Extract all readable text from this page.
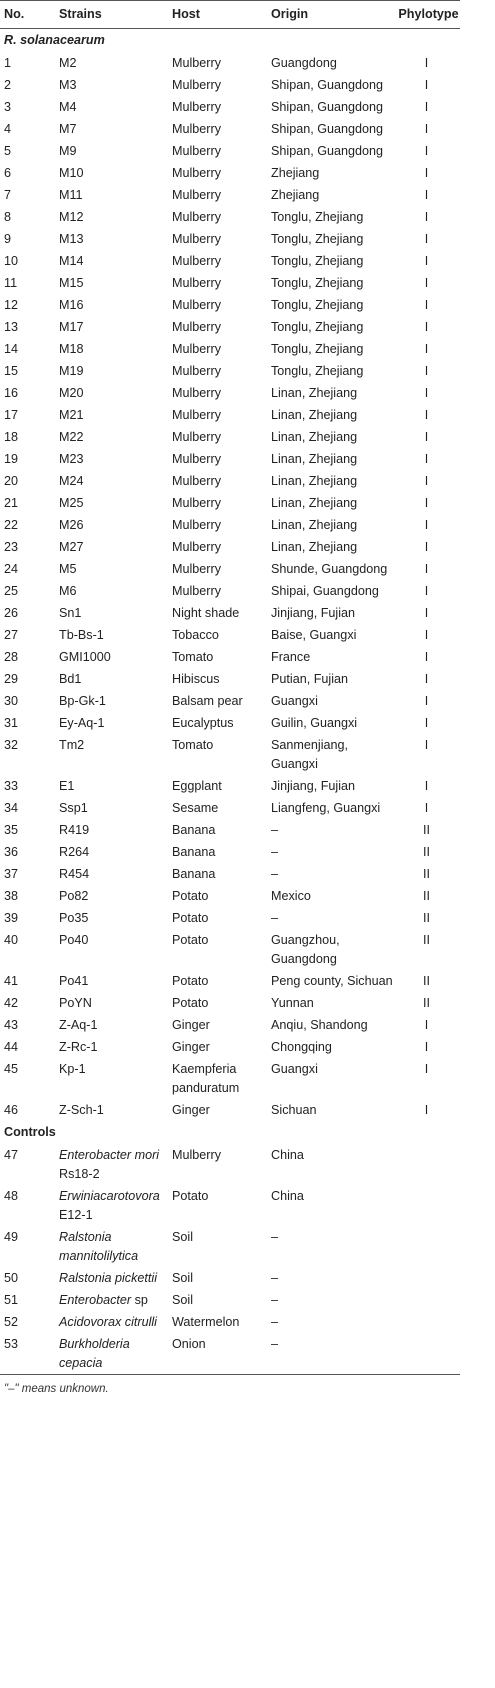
No.	Strains	Host	Origin	Phylotype
R. solanacearum				
1	M2	Mulberry	Guangdong	I
2	M3	Mulberry	Shipan, Guangdong	I
3	M4	Mulberry	Shipan, Guangdong	I
4	M7	Mulberry	Shipan, Guangdong	I
5	M9	Mulberry	Shipan, Guangdong	I
6	M10	Mulberry	Zhejiang	I
7	M11	Mulberry	Zhejiang	I
8	M12	Mulberry	Tonglu, Zhejiang	I
9	M13	Mulberry	Tonglu, Zhejiang	I
10	M14	Mulberry	Tonglu, Zhejiang	I
11	M15	Mulberry	Tonglu, Zhejiang	I
12	M16	Mulberry	Tonglu, Zhejiang	I
13	M17	Mulberry	Tonglu, Zhejiang	I
14	M18	Mulberry	Tonglu, Zhejiang	I
15	M19	Mulberry	Tonglu, Zhejiang	I
16	M20	Mulberry	Linan, Zhejiang	I
17	M21	Mulberry	Linan, Zhejiang	I
18	M22	Mulberry	Linan, Zhejiang	I
19	M23	Mulberry	Linan, Zhejiang	I
20	M24	Mulberry	Linan, Zhejiang	I
21	M25	Mulberry	Linan, Zhejiang	I
22	M26	Mulberry	Linan, Zhejiang	I
23	M27	Mulberry	Linan, Zhejiang	I
24	M5	Mulberry	Shunde, Guangdong	I
25	M6	Mulberry	Shipai, Guangdong	I
26	Sn1	Night shade	Jinjiang, Fujian	I
27	Tb-Bs-1	Tobacco	Baise, Guangxi	I
28	GMI1000	Tomato	France	I
29	Bd1	Hibiscus	Putian, Fujian	I
30	Bp-Gk-1	Balsam pear	Guangxi	I
31	Ey-Aq-1	Eucalyptus	Guilin, Guangxi	I
32	Tm2	Tomato	Sanmenjiang, Guangxi	I
33	E1	Eggplant	Jinjiang, Fujian	I
34	Ssp1	Sesame	Liangfeng, Guangxi	I
35	R419	Banana	–	II
36	R264	Banana	–	II
37	R454	Banana	–	II
38	Po82	Potato	Mexico	II
39	Po35	Potato	–	II
40	Po40	Potato	Guangzhou, Guangdong	II
41	Po41	Potato	Peng county, Sichuan	II
42	PoYN	Potato	Yunnan	II
43	Z-Aq-1	Ginger	Anqiu, Shandong	I
44	Z-Rc-1	Ginger	Chongqing	I
45	Kp-1	Kaempferia panduratum	Guangxi	I
46	Z-Sch-1	Ginger	Sichuan	I
Controls				
47	Enterobacter mori Rs18-2	Mulberry	China	
48	Erwiniacarotovora E12-1	Potato	China	
49	Ralstonia mannitolilytica	Soil	–	
50	Ralstonia pickettii	Soil	–	
51	Enterobacter sp	Soil	–	
52	Acidovorax citrulli	Watermelon	–	
53	Burkholderia cepacia	Onion	–	
"–" means unknown.
